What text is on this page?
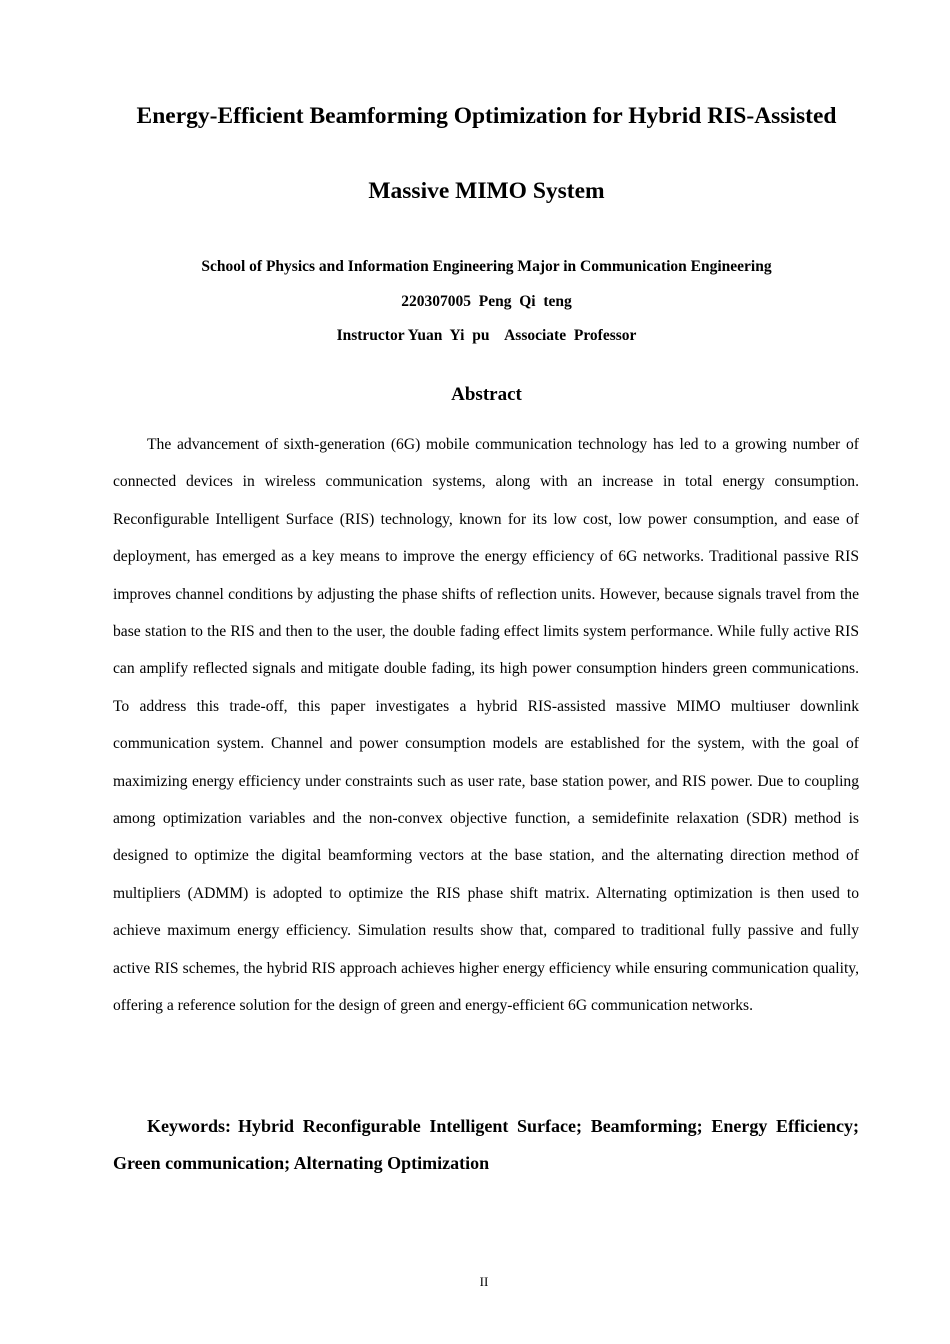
Energy-Efficient Beamforming Optimization for Hybrid RIS-Assisted
Massive MIMO System
School of Physics and Information Engineering Major in Communication Engineering
220307005  Peng  Qi  teng
Instructor Yuan  Yi  pu    Associate  Professor
Abstract

The advancement of sixth-generation (6G) mobile communication technology has led to a growing number of connected devices in wireless communication systems, along with an increase in total energy consumption. Reconfigurable Intelligent Surface (RIS) technology, known for its low cost, low power consumption, and ease of deployment, has emerged as a key means to improve the energy efficiency of 6G networks. Traditional passive RIS improves channel conditions by adjusting the phase shifts of reflection units. However, because signals travel from the base station to the RIS and then to the user, the double fading effect limits system performance. While fully active RIS can amplify reflected signals and mitigate double fading, its high power consumption hinders green communications. To address this trade-off, this paper investigates a hybrid RIS-assisted massive MIMO multiuser downlink communication system. Channel and power consumption models are established for the system, with the goal of maximizing energy efficiency under constraints such as user rate, base station power, and RIS power. Due to coupling among optimization variables and the non-convex objective function, a semidefinite relaxation (SDR) method is designed to optimize the digital beamforming vectors at the base station, and the alternating direction method of multipliers (ADMM) is adopted to optimize the RIS phase shift matrix. Alternating optimization is then used to achieve maximum energy efficiency. Simulation results show that, compared to traditional fully passive and fully active RIS schemes, the hybrid RIS approach achieves higher energy efficiency while ensuring communication quality, offering a reference solution for the design of green and energy-efficient 6G communication networks.

Keywords: Hybrid Reconfigurable Intelligent Surface; Beamforming; Energy Efficiency; Green communication; Alternating Optimization

II
